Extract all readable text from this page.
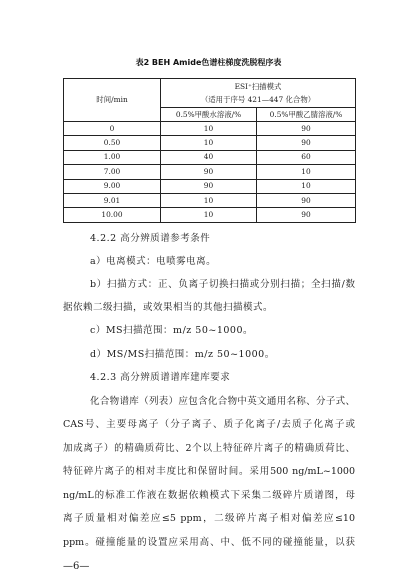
表2 BEH Amide色谱柱梯度洗脱程序表
时间/min	ESI⁺扫描模式
（适用于序号 421—447 化合物）	

	0.5%甲酸水溶液/%	0.5%甲酸乙腈溶液/%
0	10	90
0.50	10	90
1.00	40	60
7.00	90	10
9.00	90	10
9.01	10	90
10.00	10	90
4.2.2 高分辨质谱参考条件
a）电离模式：电喷雾电离。
b）扫描方式：正、负离子切换扫描或分别扫描；全扫描/数
据依赖二级扫描，或效果相当的其他扫描模式。
c）MS扫描范围：m/z 50~1000。
d）MS/MS扫描范围：m/z 50~1000。
4.2.3 高分辨质谱谱库建库要求
化合物谱库（列表）应包含化合物中英文通用名称、分子式、
CAS号、主要母离子（分子离子、质子化离子/去质子化离子或
加成离子）的精确质荷比、2个以上特征碎片离子的精确质荷比、
特征碎片离子的相对丰度比和保留时间。采用500 ng/mL~1000
ng/mL的标准工作液在数据依赖模式下采集二级碎片质谱图，母
离子质量相对偏差应≤5 ppm，二级碎片离子相对偏差应≤10
ppm。碰撞能量的设置应采用高、中、低不同的碰撞能量，以获
—6—
